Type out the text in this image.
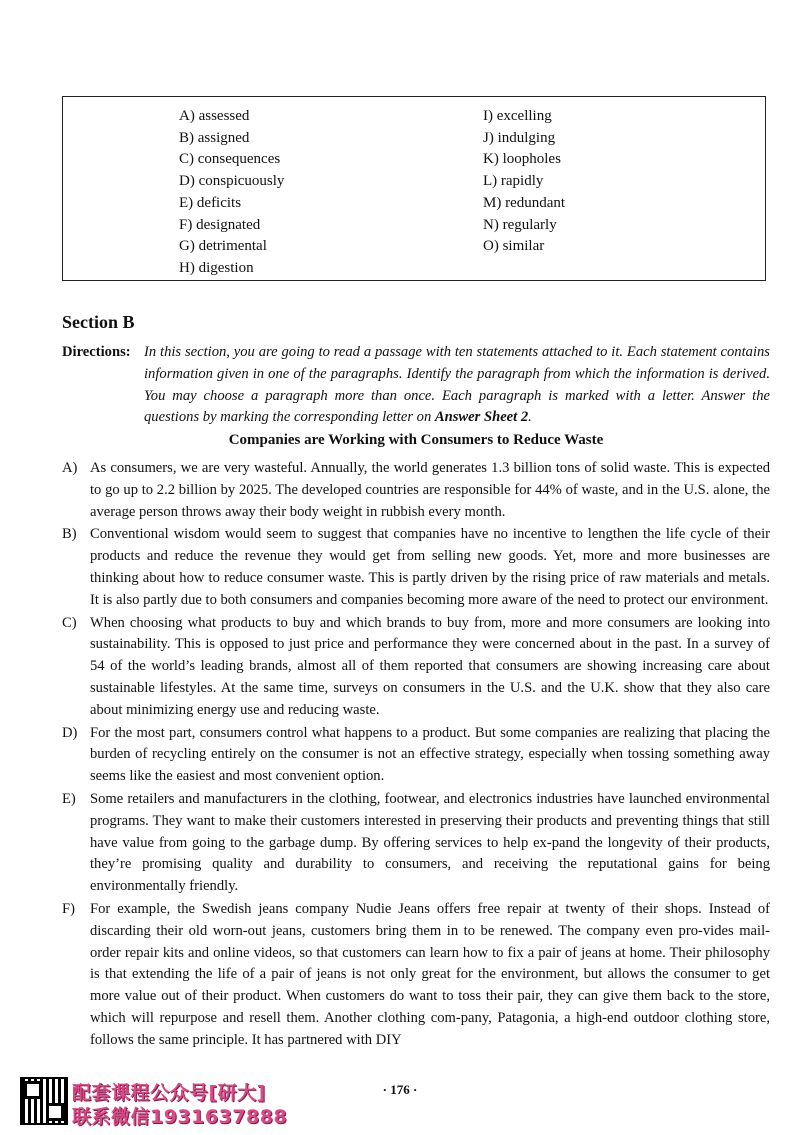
A) assessed
B) assigned
C) consequences
D) conspicuously
E) deficits
F) designated
G) detrimental
H) digestion
I) excelling
J) indulging
K) loopholes
L) rapidly
M) redundant
N) regularly
O) similar
Section B
Directions: In this section, you are going to read a passage with ten statements attached to it. Each statement contains information given in one of the paragraphs. Identify the paragraph from which the information is derived. You may choose a paragraph more than once. Each paragraph is marked with a letter. Answer the questions by marking the corresponding letter on Answer Sheet 2.
Companies are Working with Consumers to Reduce Waste
A) As consumers, we are very wasteful. Annually, the world generates 1.3 billion tons of solid waste. This is expected to go up to 2.2 billion by 2025. The developed countries are responsible for 44% of waste, and in the U.S. alone, the average person throws away their body weight in rubbish every month.
B) Conventional wisdom would seem to suggest that companies have no incentive to lengthen the life cycle of their products and reduce the revenue they would get from selling new goods. Yet, more and more businesses are thinking about how to reduce consumer waste. This is partly driven by the rising price of raw materials and metals. It is also partly due to both consumers and companies becoming more aware of the need to protect our environment.
C) When choosing what products to buy and which brands to buy from, more and more consumers are looking into sustainability. This is opposed to just price and performance they were concerned about in the past. In a survey of 54 of the world’s leading brands, almost all of them reported that consumers are showing increasing care about sustainable lifestyles. At the same time, surveys on consumers in the U.S. and the U.K. show that they also care about minimizing energy use and reducing waste.
D) For the most part, consumers control what happens to a product. But some companies are realizing that placing the burden of recycling entirely on the consumer is not an effective strategy, especially when tossing something away seems like the easiest and most convenient option.
E) Some retailers and manufacturers in the clothing, footwear, and electronics industries have launched environmental programs. They want to make their customers interested in preserving their products and preventing things that still have value from going to the garbage dump. By offering services to help ex-pand the longevity of their products, they’re promising quality and durability to consumers, and receiving the reputational gains for being environmentally friendly.
F) For example, the Swedish jeans company Nudie Jeans offers free repair at twenty of their shops. Instead of discarding their old worn-out jeans, customers bring them in to be renewed. The company even pro-vides mail-order repair kits and online videos, so that customers can learn how to fix a pair of jeans at home. Their philosophy is that extending the life of a pair of jeans is not only great for the environment, but allows the consumer to get more value out of their product. When customers do want to toss their pair, they can give them back to the store, which will repurpose and resell them. Another clothing com-pany, Patagonia, a high-end outdoor clothing store, follows the same principle. It has partnered with DIY
· 176 ·
配套课程公众号[研大]
联系微信1931637888
